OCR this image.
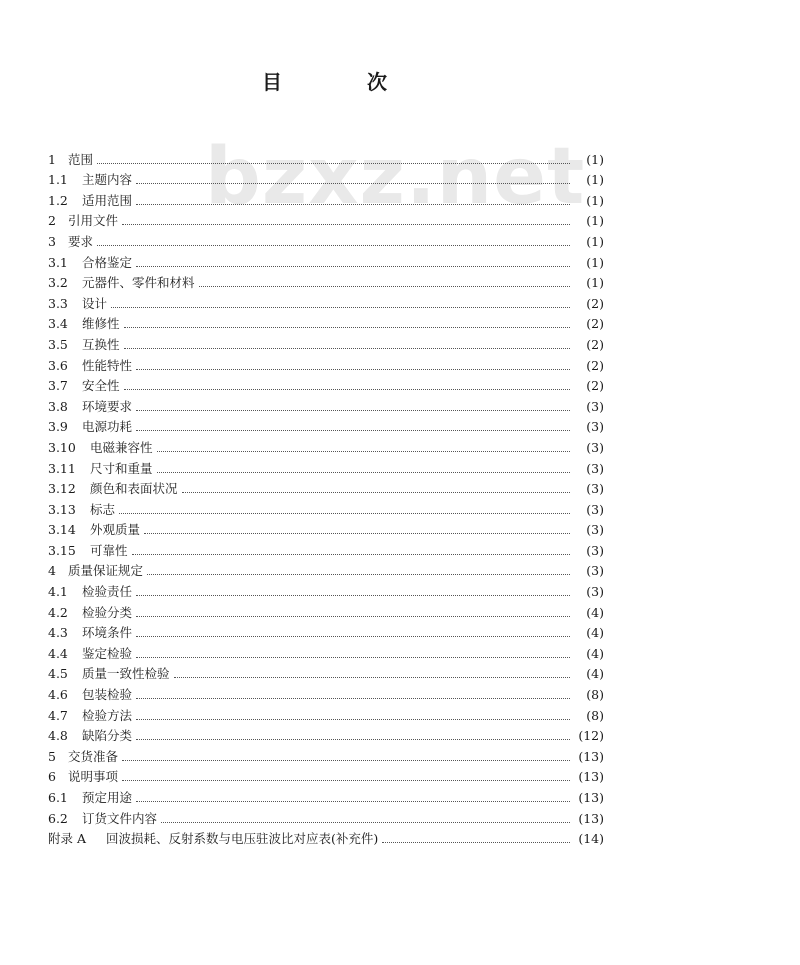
bzxz.net
目	次
1 范围	(1)
1.1	主题内容	(1)
1.2	适用范围	(1)
2 引用文件	(1)
3 要求	(1)
3.1	合格鉴定	(1)
3.2	元器件、零件和材料	(1)
3.3	设计	(2)
3.4	维修性	(2)
3.5	互换性	(2)
3.6	性能特性	(2)
3.7	安全性	(2)
3.8	环境要求	(3)
3.9	电源功耗	(3)
3.10	电磁兼容性	(3)
3.11	尺寸和重量	(3)
3.12	颜色和表面状况	(3)
3.13	标志	(3)
3.14	外观质量	(3)
3.15	可靠性	(3)
4 质量保证规定	(3)
4.1	检验责任	(3)
4.2	检验分类	(4)
4.3	环境条件	(4)
4.4	鉴定检验	(4)
4.5	质量一致性检验	(4)
4.6	包装检验	(8)
4.7	检验方法	(8)
4.8	缺陷分类	(12)
5 交货准备	(13)
6 说明事项	(13)
6.1	预定用途	(13)
6.2	订货文件内容	(13)
附录 A	回波损耗、反射系数与电压驻波比对应表(补充件)	(14)
